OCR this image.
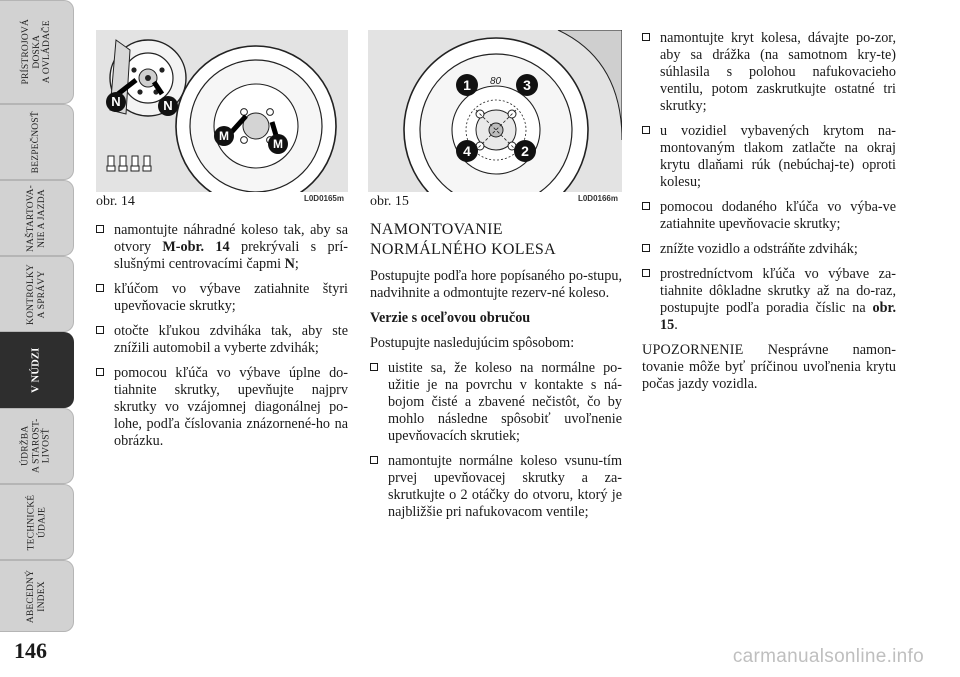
PRÍSTROJOVÁ
DOSKA
A OVLÁDAČE
BEZPEČNOSŤ
NAŠTARTOVA-
NIE A JAZDA
KONTROLKY
A SPRÁVY
V NÚDZI
ÚDRŽBA
A STAROST-
LIVOSŤ
TECHNICKÉ
ÚDAJE
ABECEDNÝ
INDEX
N	N
M
M
L0D0165m
obr. 14
80
1	3
4	2
L0D0166m
obr. 15
namontujte náhradné koleso tak, aby sa otvory M-obr. 14 prekrývali s prí-slušnými centrovacími čapmi N;
kľúčom vo výbave zatiahnite štyri upevňovacie skrutky;
otočte kľukou zdviháka tak, aby ste znížili automobil a vyberte zdvihák;
pomocou kľúča vo výbave úplne do-tiahnite skrutky, upevňujte najprv skrutky vo vzájomnej diagonálnej po-lohe, podľa číslovania znázornené-ho na obrázku.
NAMONTOVANIE
NORMÁLNÉHO KOLESA

Postupujte podľa hore popísaného po-stupu, nadvihnite a odmontujte rezerv-né koleso.

Verzie s oceľovou obručou

Postupujte nasledujúcim spôsobom:

uistite sa, že koleso na normálne po-užitie je na povrchu v kontakte s ná-bojom čisté a zbavené nečistôt, čo by mohlo následne spôsobiť uvoľnenie upevňovacích skrutiek;
namontujte normálne koleso vsunu-tím prvej upevňovacej skrutky a za-skrutkujte o 2 otáčky do otvoru, ktorý je najbližšie pri nafukovacom ventile;
namontujte kryt kolesa, dávajte po-zor, aby sa drážka (na samotnom kry-te) súhlasila s polohou nafukovacieho ventilu, potom zaskrutkujte ostatné tri skrutky;
u vozidiel vybavených krytom na-montovaným tlakom zatlačte na okraj krytu dlaňami rúk (nebúchaj-te) oproti kolesu;
pomocou dodaného kľúča vo výba-ve zatiahnite upevňovacie skrutky;
znížte vozidlo a odstráňte zdvihák;
prostredníctvom kľúča vo výbave za-tiahnite dôkladne skrutky až na do-raz, postupujte podľa poradia číslic na obr. 15.

UPOZORNENIE Nesprávne namon-tovanie môže byť príčinou uvoľnenia krytu počas jazdy vozidla.

146	carmanualsonline.info
